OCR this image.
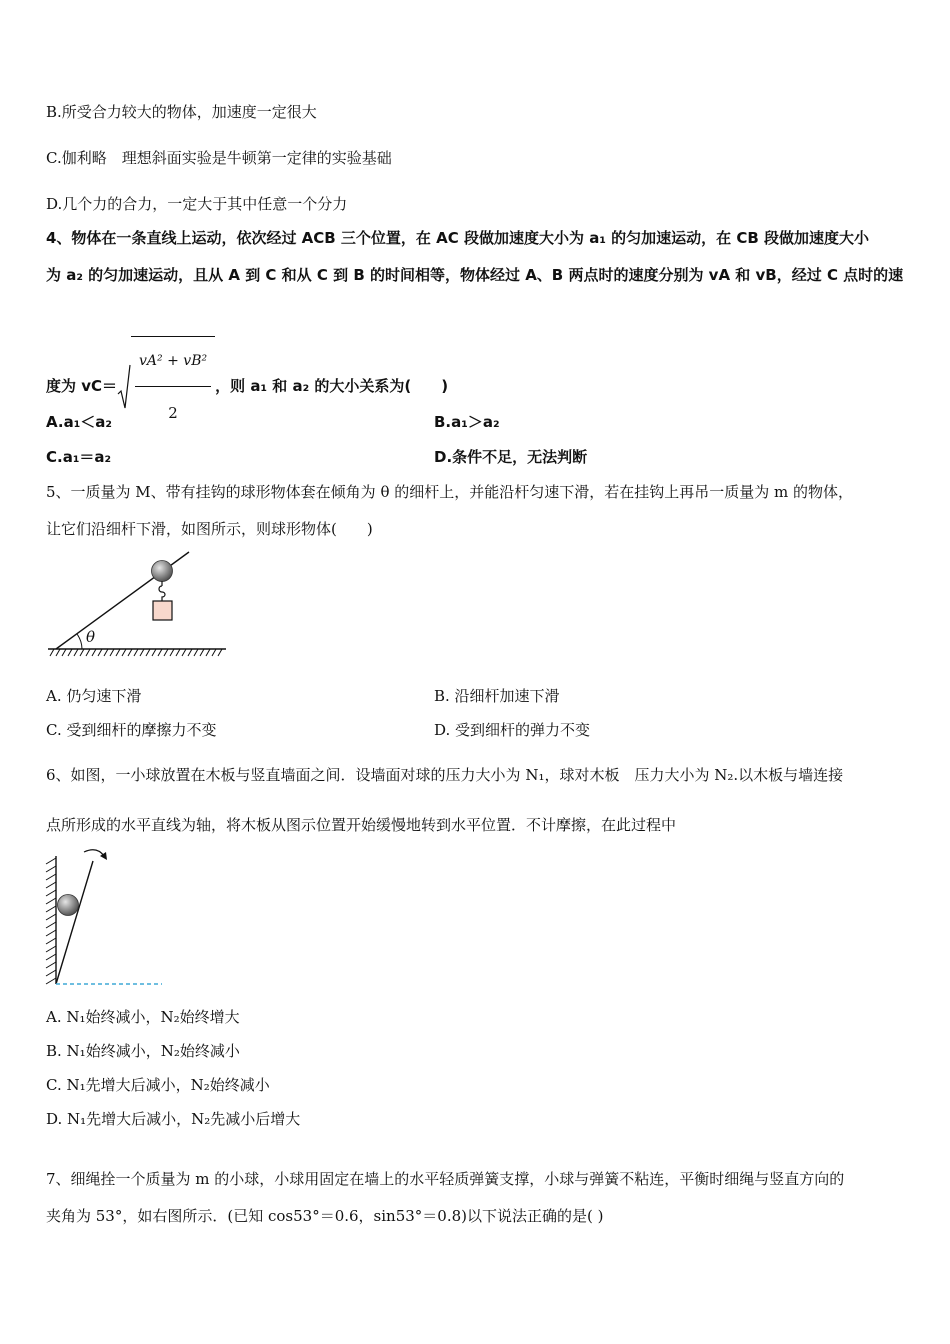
B.所受合力较大的物体，加速度一定很大
C.伽利略　理想斜面实验是牛顿第一定律的实验基础
D.几个力的合力，一定大于其中任意一个分力
4、物体在一条直线上运动，依次经过 ACB 三个位置，在 AC 段做加速度大小为 a₁ 的匀加速运动，在 CB 段做加速度大小
为 a₂ 的匀加速运动，且从 A 到 C 和从 C 到 B 的时间相等，物体经过 A、B 两点时的速度分别为 vA 和 vB，经过 C 点时的速
度为 $vC= \frac{\text{vA² + vB²}}{2}$ ，则 a₁ 和 a₂ 的大小关系为(　　)
A.a₁＜a₂	B.a₁＞a₂
C.a₁＝a₂	D.条件不足，无法判断
5、一质量为 M、带有挂钩的球形物体套在倾角为 θ 的细杆上，并能沿杆匀速下滑，若在挂钩上再吊一质量为 m 的物体，
让它们沿细杆下滑，如图所示，则球形物体(　　)
θ
A. 仍匀速下滑	B. 沿细杆加速下滑
C. 受到细杆的摩擦力不变	D. 受到细杆的弹力不变
6、如图，一小球放置在木板与竖直墙面之间．设墙面对球的压力大小为 N₁，球对木板　压力大小为 N₂.以木板与墙连接
点所形成的水平直线为轴，将木板从图示位置开始缓慢地转到水平位置．不计摩擦，在此过程中
A. N₁始终减小，N₂始终增大
B. N₁始终减小，N₂始终减小
C. N₁先增大后减小，N₂始终减小
D. N₁先增大后减小，N₂先减小后增大
7、细绳拴一个质量为 m 的小球，小球用固定在墙上的水平轻质弹簧支撑，小球与弹簧不粘连，平衡时细绳与竖直方向的
夹角为 53°，如右图所示．(已知 cos53°＝0.6，sin53°＝0.8)以下说法正确的是( )
